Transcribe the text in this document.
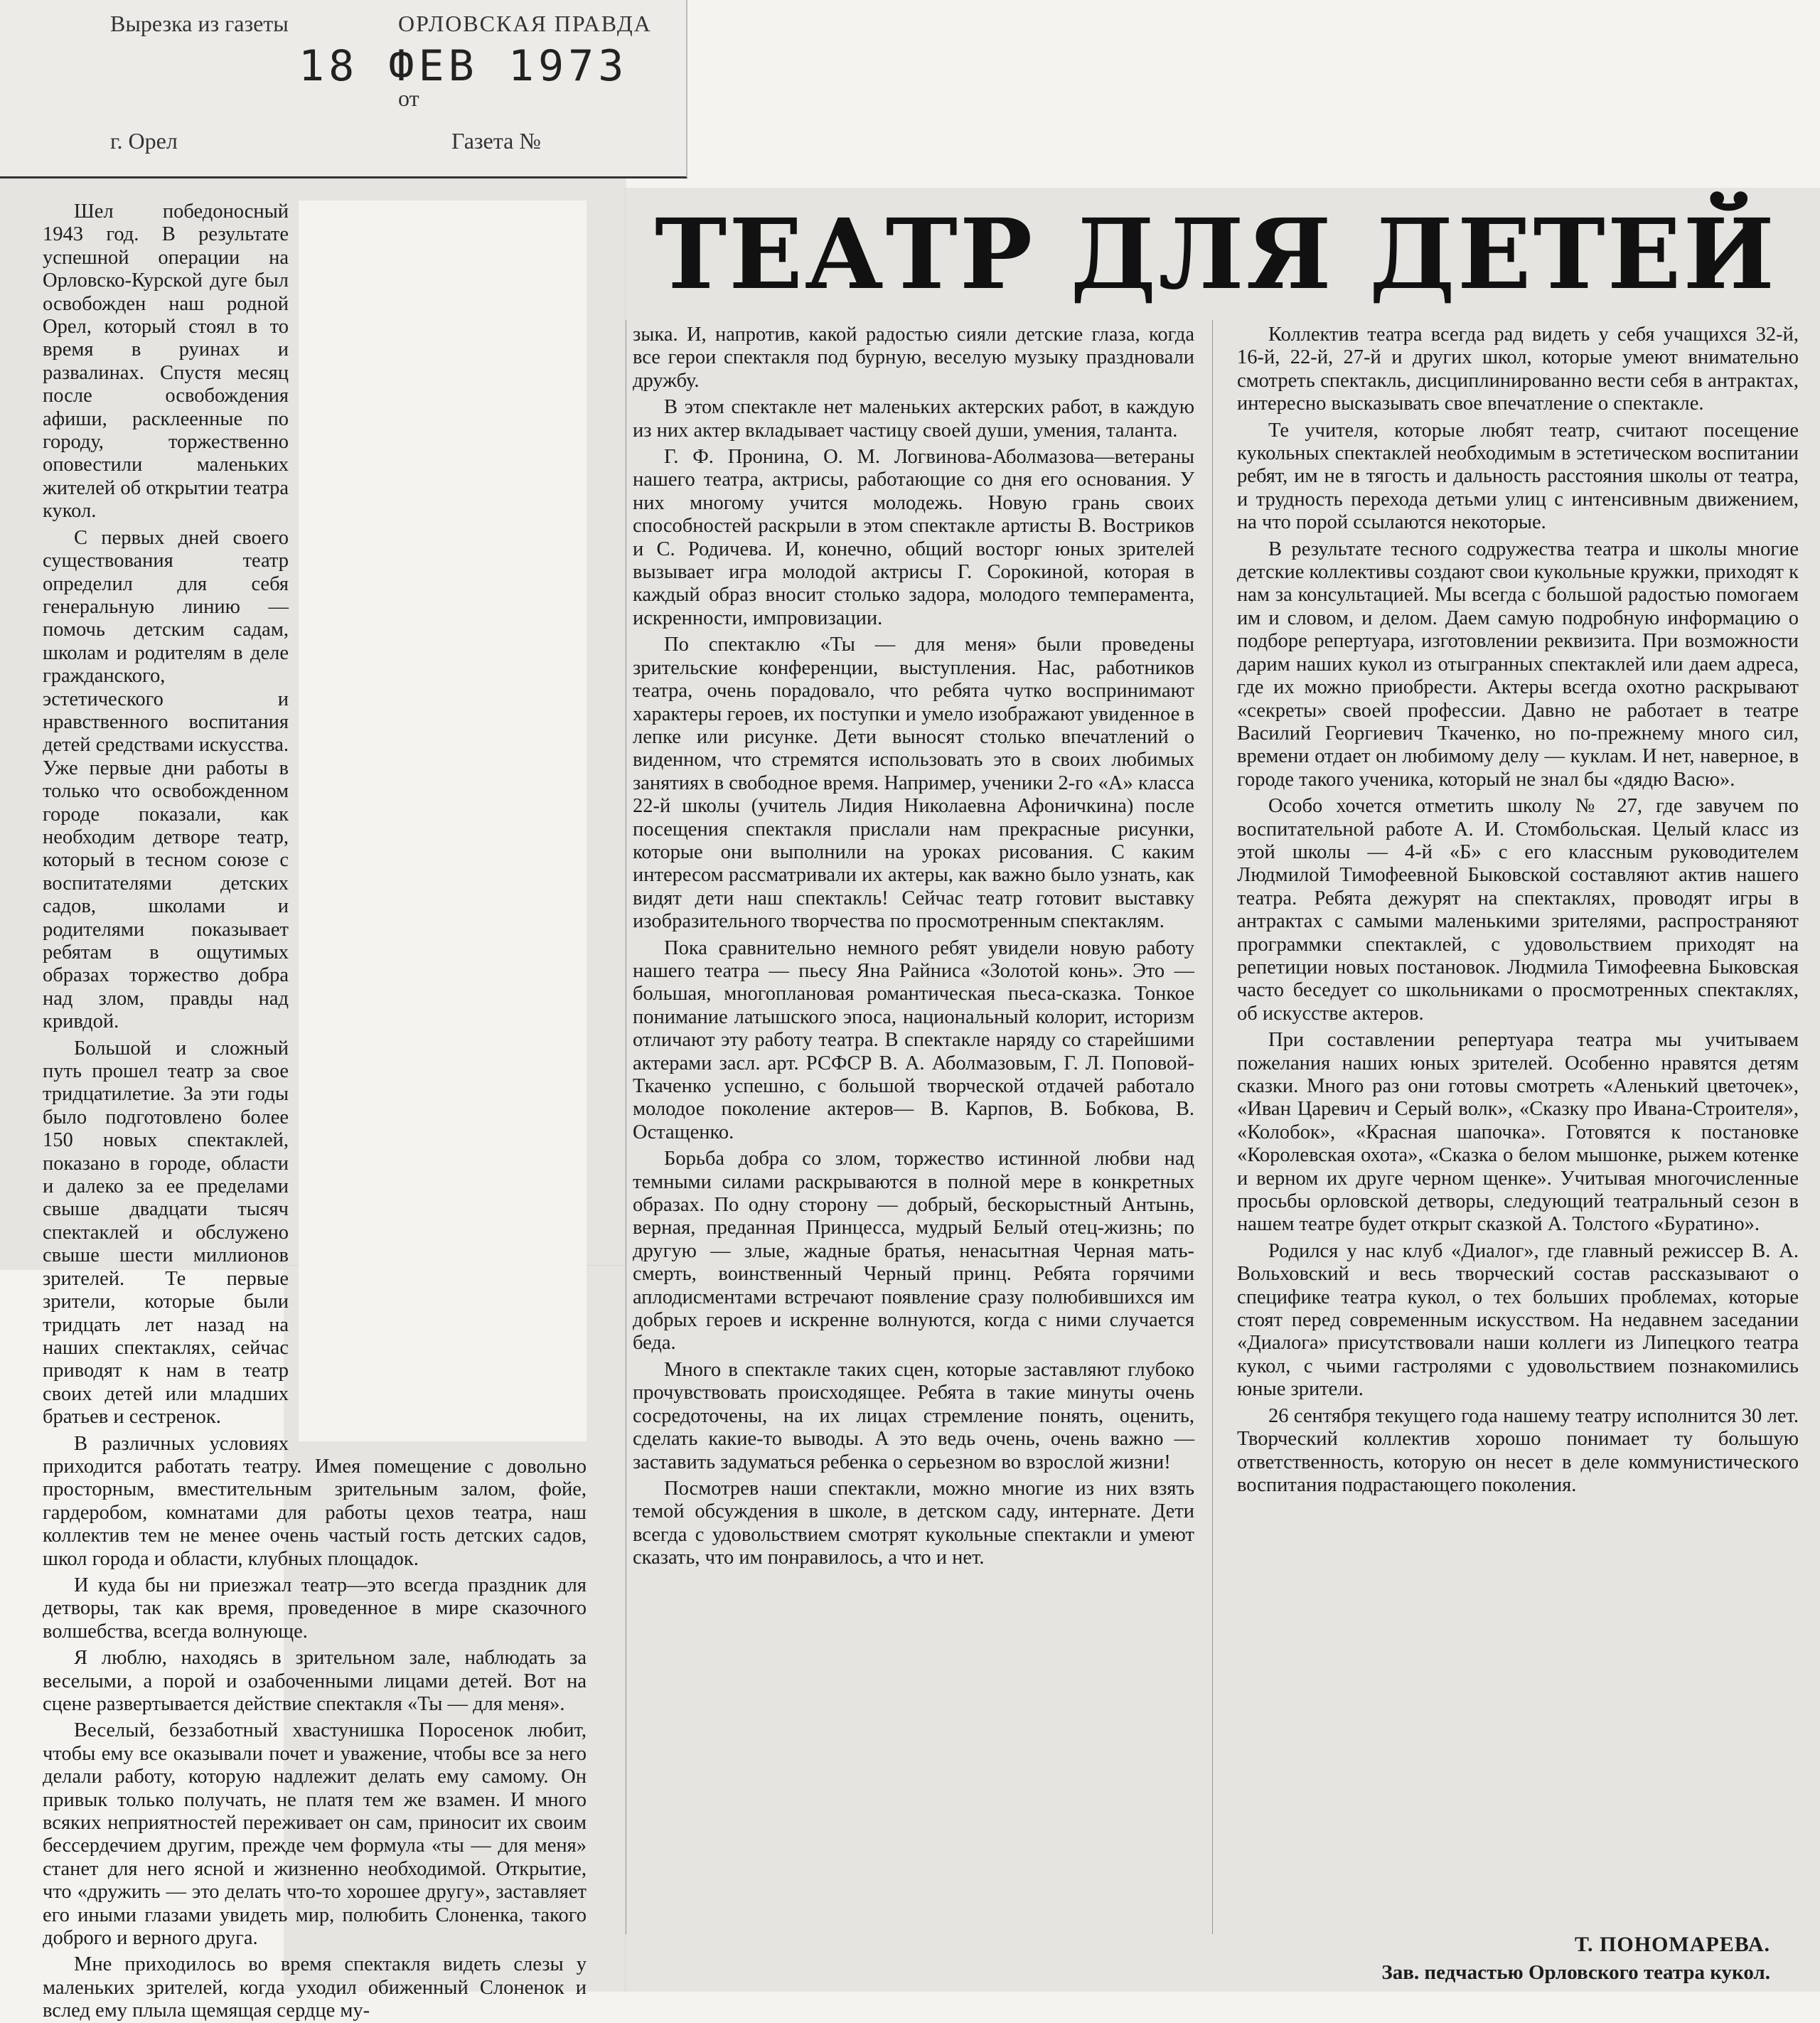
Вырезка из газеты	ОРЛОВСКАЯ ПРАВДА
18 ФЕВ 1973
от
г. Орел	Газета №
ТЕАТР ДЛЯ ДЕТЕЙ

Шел победоносный 1943 год. В результате успешной операции на Орловско-Курской дуге был освобожден наш родной Орел, который стоял в то время в руинах и развалинах. Спустя месяц после освобождения афиши, расклеенные по городу, торжественно оповестили маленьких жителей об открытии театра кукол.

С первых дней своего существования театр определил для себя генеральную линию — помочь детским садам, школам и родителям в деле гражданского, эстетического и нравственного воспитания детей средствами искусства. Уже первые дни работы в только что освобожденном городе показали, как необходим детворе театр, который в тесном союзе с воспитателями детских садов, школами и родителями показывает ребятам в ощутимых образах торжество добра над злом, правды над кривдой.

Большой и сложный путь прошел театр за свое тридцатилетие. За эти годы было подготовлено более 150 новых спектаклей, показано в городе, области и далеко за ее пределами свыше двадцати тысяч спектаклей и обслужено свыше шести миллионов зрителей. Те первые зрители, которые были тридцать лет назад на наших спектаклях, сейчас приводят к нам в театр своих детей или младших братьев и сестренок.

В различных условиях приходится работать театру. Имея помещение с довольно просторным, вместительным зрительным залом, фойе, гардеробом, комнатами для работы цехов театра, наш коллектив тем не менее очень частый гость детских садов, школ города и области, клубных площадок.

И куда бы ни приезжал театр—это всегда праздник для детворы, так как время, проведенное в мире сказочного волшебства, всегда волнующе.

Я люблю, находясь в зрительном зале, наблюдать за веселыми, а порой и озабоченными лицами детей. Вот на сцене развертывается действие спектакля «Ты — для меня».

Веселый, беззаботный хвастунишка Поросенок любит, чтобы ему все оказывали почет и уважение, чтобы все за него делали работу, которую надлежит делать ему самому. Он привык только получать, не платя тем же взамен. И много всяких неприятностей переживает он сам, приносит их своим бессердечием другим, прежде чем формула «ты — для меня» станет для него ясной и жизненно необходимой. Открытие, что «дружить — это делать что-то хорошее другу», заставляет его иными глазами увидеть мир, полюбить Слоненка, такого доброго и верного друга.

Мне приходилось во время спектакля видеть слезы у маленьких зрителей, когда уходил обиженный Слоненок и вслед ему плыла щемящая сердце му-

зыка. И, напротив, какой радостью сияли детские глаза, когда все герои спектакля под бурную, веселую музыку праздновали дружбу.

В этом спектакле нет маленьких актерских работ, в каждую из них актер вкладывает частицу своей души, умения, таланта.

Г. Ф. Пронина, О. М. Логвинова-Аболмазова—ветераны нашего театра, актрисы, работающие со дня его основания. У них многому учится молодежь. Новую грань своих способностей раскрыли в этом спектакле артисты В. Востриков и С. Родичева. И, конечно, общий восторг юных зрителей вызывает игра молодой актрисы Г. Сорокиной, которая в каждый образ вносит столько задора, молодого темперамента, искренности, импровизации.

По спектаклю «Ты — для меня» были проведены зрительские конференции, выступления. Нас, работников театра, очень порадовало, что ребята чутко воспринимают характеры героев, их поступки и умело изображают увиденное в лепке или рисунке. Дети выносят столько впечатлений о виденном, что стремятся использовать это в своих любимых занятиях в свободное время. Например, ученики 2-го «А» класса 22-й школы (учитель Лидия Николаевна Афоничкина) после посещения спектакля прислали нам прекрасные рисунки, которые они выполнили на уроках рисования. С каким интересом рассматривали их актеры, как важно было узнать, как видят дети наш спектакль! Сейчас театр готовит выставку изобразительного творчества по просмотренным спектаклям.

Пока сравнительно немного ребят увидели новую работу нашего театра — пьесу Яна Райниса «Золотой конь». Это — большая, многоплановая романтическая пьеса-сказка. Тонкое понимание латышского эпоса, национальный колорит, историзм отличают эту работу театра. В спектакле наряду со старейшими актерами засл. арт. РСФСР В. А. Аболмазовым, Г. Л. Поповой-Ткаченко успешно, с большой творческой отдачей работало молодое поколение актеров— В. Карпов, В. Бобкова, В. Остащенко.

Борьба добра со злом, торжество истинной любви над темными силами раскрываются в полной мере в конкретных образах. По одну сторону — добрый, бескорыстный Антынь, верная, преданная Принцесса, мудрый Белый отец-жизнь; по другую — злые, жадные братья, ненасытная Черная мать-смерть, воинственный Черный принц. Ребята горячими аплодисментами встречают появление сразу полюбившихся им добрых героев и искренне волнуются, когда с ними случается беда.

Много в спектакле таких сцен, которые заставляют глубоко прочувствовать происходящее. Ребята в такие минуты очень сосредоточены, на их лицах стремление понять, оценить, сделать какие-то выводы. А это ведь очень, очень важно — заставить задуматься ребенка о серьезном во взрослой жизни!

Посмотрев наши спектакли, можно многие из них взять темой обсуждения в школе, в детском саду, интернате. Дети всегда с удовольствием смотрят кукольные спектакли и умеют сказать, что им понравилось, а что и нет.

Коллектив театра всегда рад видеть у себя учащихся 32-й, 16-й, 22-й, 27-й и других школ, которые умеют внимательно смотреть спектакль, дисциплинированно вести себя в антрактах, интересно высказывать свое впечатление о спектакле.

Те учителя, которые любят театр, считают посещение кукольных спектаклей необходимым в эстетическом воспитании ребят, им не в тягость и дальность расстояния школы от театра, и трудность перехода детьми улиц с интенсивным движением, на что порой ссылаются некоторые.

В результате тесного содружества театра и школы многие детские коллективы создают свои кукольные кружки, приходят к нам за консультацией. Мы всегда с большой радостью помогаем им и словом, и делом. Даем самую подробную информацию о подборе репертуара, изготовлении реквизита. При возможности дарим наших кукол из отыгранных спектаклей или даем адреса, где их можно приобрести. Актеры всегда охотно раскрывают «секреты» своей профессии. Давно не работает в театре Василий Георгиевич Ткаченко, но по-прежнему много сил, времени отдает он любимому делу — куклам. И нет, наверное, в городе такого ученика, который не знал бы «дядю Васю».

Особо хочется отметить школу № 27, где завучем по воспитательной работе А. И. Стомбольская. Целый класс из этой школы — 4-й «Б» с его классным руководителем Людмилой Тимофеевной Быковской составляют актив нашего театра. Ребята дежурят на спектаклях, проводят игры в антрактах с самыми маленькими зрителями, распространяют программки спектаклей, с удовольствием приходят на репетиции новых постановок. Людмила Тимофеевна Быковская часто беседует со школьниками о просмотренных спектаклях, об искусстве актеров.

При составлении репертуара театра мы учитываем пожелания наших юных зрителей. Особенно нравятся детям сказки. Много раз они готовы смотреть «Аленький цветочек», «Иван Царевич и Серый волк», «Сказку про Ивана-Строителя», «Колобок», «Красная шапочка». Готовятся к постановке «Королевская охота», «Сказка о белом мышонке, рыжем котенке и верном их друге черном щенке». Учитывая многочисленные просьбы орловской детворы, следующий театральный сезон в нашем театре будет открыт сказкой А. Толстого «Буратино».

Родился у нас клуб «Диалог», где главный режиссер В. А. Вольховский и весь творческий состав рассказывают о специфике театра кукол, о тех больших проблемах, которые стоят перед современным искусством. На недавнем заседании «Диалога» присутствовали наши коллеги из Липецкого театра кукол, с чьими гастролями с удовольствием познакомились юные зрители.

26 сентября текущего года нашему театру исполнится 30 лет. Творческий коллектив хорошо понимает ту большую ответственность, которую он несет в деле коммунистического воспитания подрастающего поколения.

Т. ПОНОМАРЕВА.
Зав. педчастью Орловского театра кукол.
